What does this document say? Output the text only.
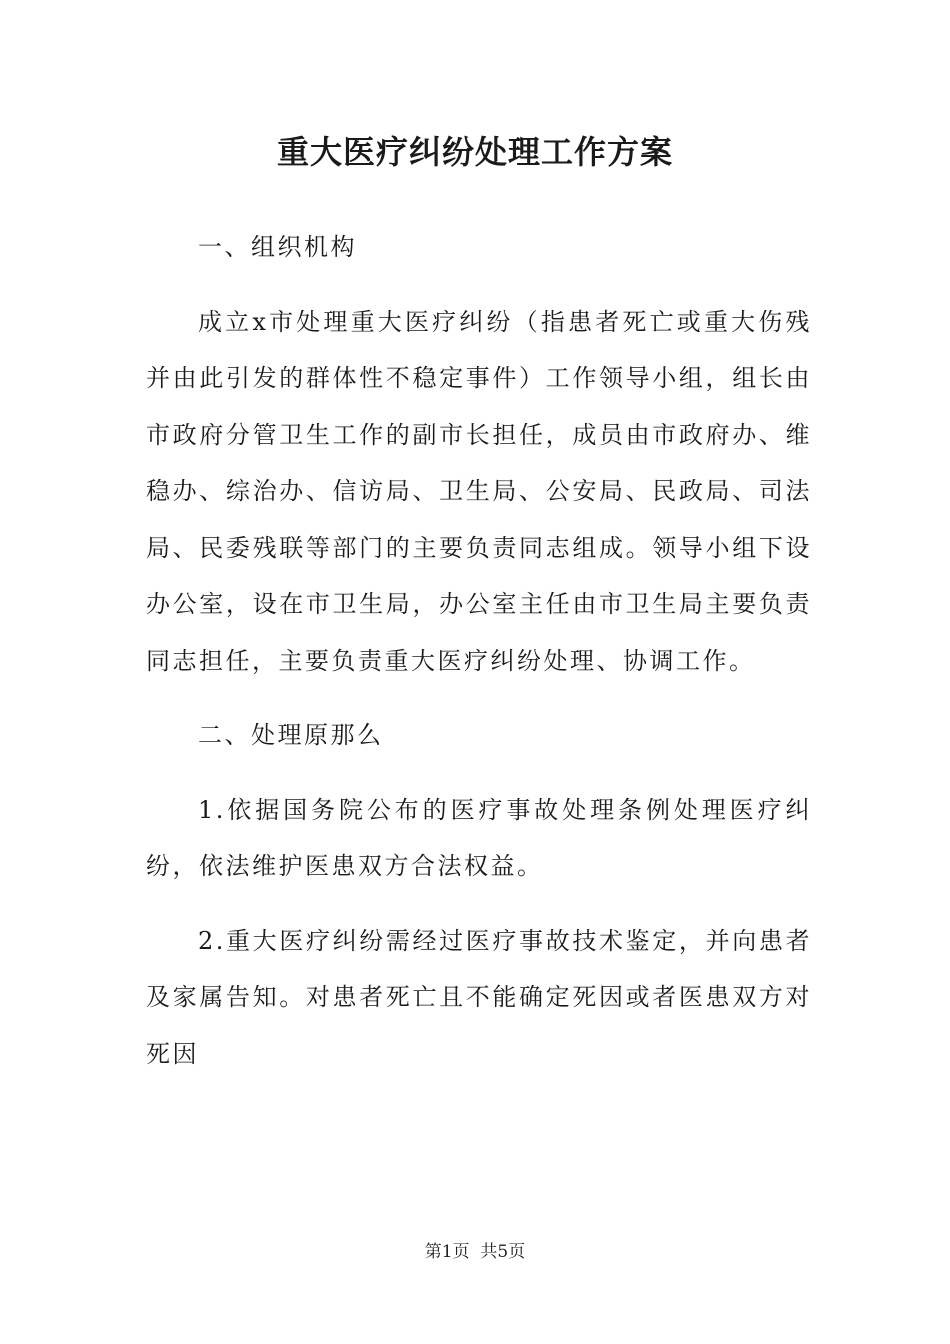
重大医疗纠纷处理工作方案

一、组织机构

成立x市处理重大医疗纠纷（指患者死亡或重大伤残并由此引发的群体性不稳定事件）工作领导小组，组长由市政府分管卫生工作的副市长担任，成员由市政府办、维稳办、综治办、信访局、卫生局、公安局、民政局、司法局、民委残联等部门的主要负责同志组成。领导小组下设办公室，设在市卫生局，办公室主任由市卫生局主要负责同志担任，主要负责重大医疗纠纷处理、协调工作。

二、处理原那么

1.依据国务院公布的医疗事故处理条例处理医疗纠纷，依法维护医患双方合法权益。

2.重大医疗纠纷需经过医疗事故技术鉴定，并向患者及家属告知。对患者死亡且不能确定死因或者医患双方对死因

第1页 共5页
